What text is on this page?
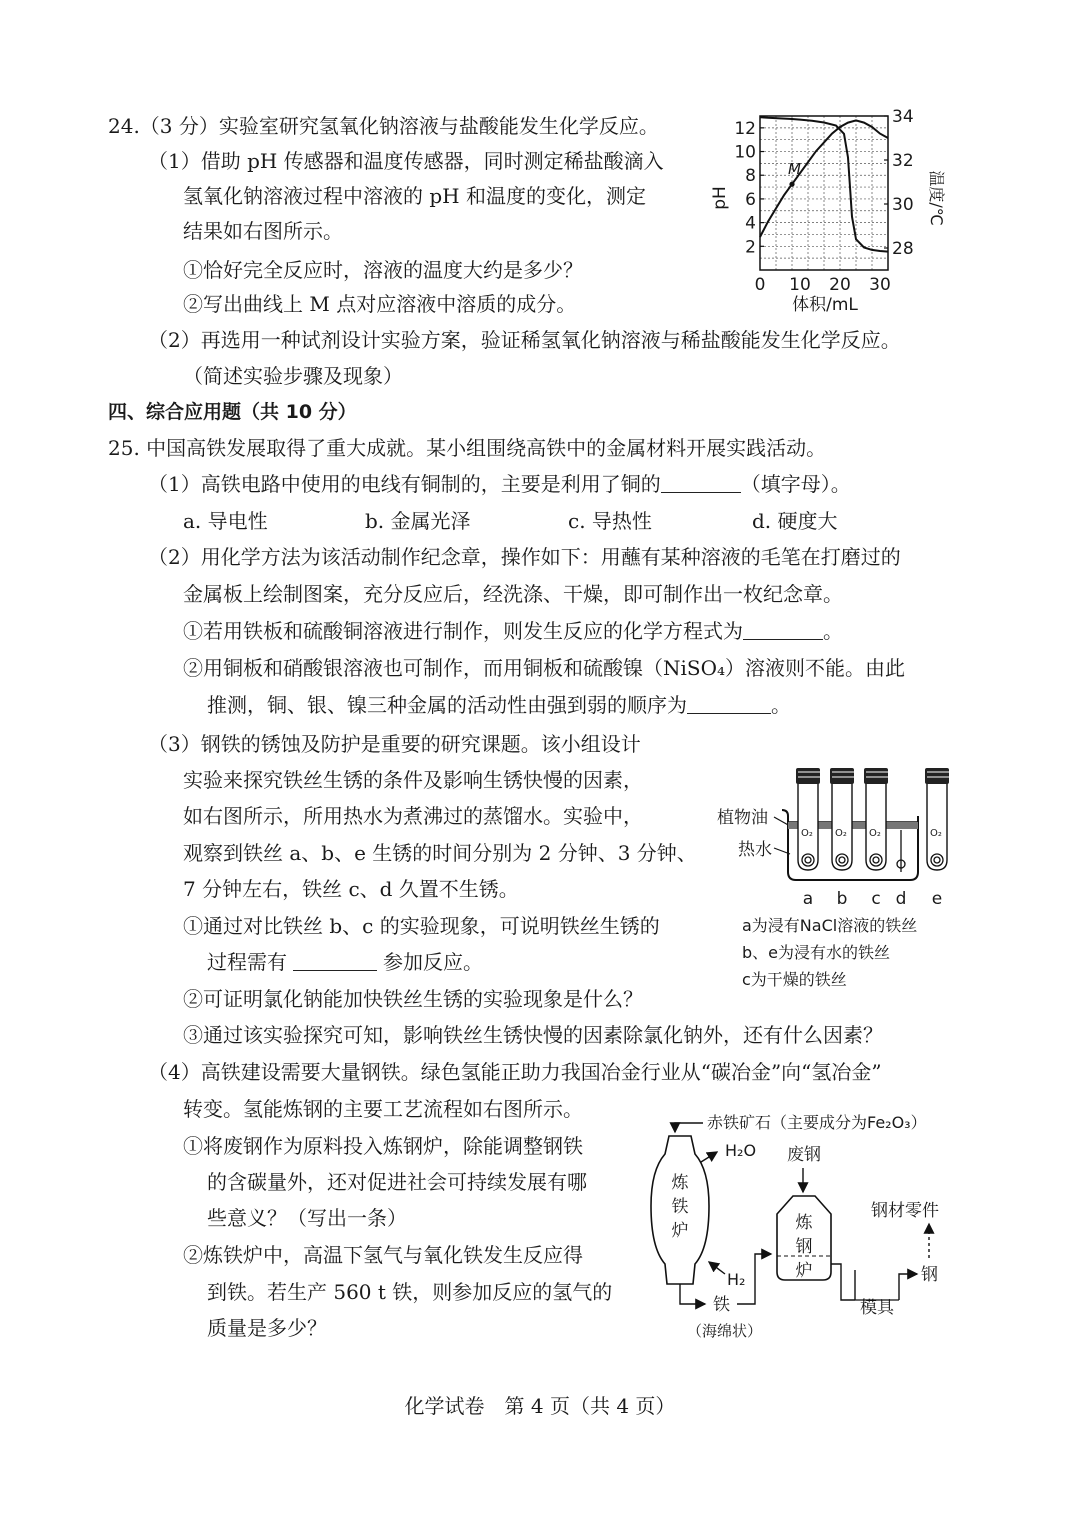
24.（3 分）实验室研究氢氧化钠溶液与盐酸能发生化学反应。
（1）借助 pH 传感器和温度传感器，同时测定稀盐酸滴入
氢氧化钠溶液过程中溶液的 pH 和温度的变化，测定
结果如右图所示。
①恰好完全反应时，溶液的温度大约是多少？
②写出曲线上 M 点对应溶液中溶质的成分。
（2）再选用一种试剂设计实验方案，验证稀氢氧化钠溶液与稀盐酸能发生化学反应。
（简述实验步骤及现象）
0 10 20 30
2
4
6
8
10
12
28
30
32
34
M
pH	温度/℃
体积/mL
四、综合应用题（共 10 分）
25. 中国高铁发展取得了重大成就。某小组围绕高铁中的金属材料开展实践活动。
（1）高铁电路中使用的电线有铜制的，主要是利用了铜的	（填字母）。
a. 导电性	b. 金属光泽	c. 导热性	d. 硬度大
（2）用化学方法为该活动制作纪念章，操作如下：用蘸有某种溶液的毛笔在打磨过的
金属板上绘制图案，充分反应后，经洗涤、干燥，即可制作出一枚纪念章。
①若用铁板和硫酸铜溶液进行制作，则发生反应的化学方程式为	。
②用铜板和硝酸银溶液也可制作，而用铜板和硫酸镍（NiSO₄）溶液则不能。由此
推测，铜、银、镍三种金属的活动性由强到弱的顺序为	。
（3）钢铁的锈蚀及防护是重要的研究课题。该小组设计
实验来探究铁丝生锈的条件及影响生锈快慢的因素，
如右图所示，所用热水为煮沸过的蒸馏水。实验中，
观察到铁丝 a、b、e 生锈的时间分别为 2 分钟、3 分钟、
7 分钟左右，铁丝 c、d 久置不生锈。
①通过对比铁丝 b、c 的实验现象，可说明铁丝生锈的
过程需有	参加反应。
②可证明氯化钠能加快铁丝生锈的实验现象是什么？
③通过该实验探究可知，影响铁丝生锈快慢的因素除氯化钠外，还有什么因素？
植物油
热水
O₂ O₂ O₂	O₂
a b c d e
a为浸有NaCl溶液的铁丝
b、e为浸有水的铁丝
c为干燥的铁丝
（4）高铁建设需要大量钢铁。绿色氢能正助力我国冶金行业从“碳冶金”向“氢冶金”
转变。氢能炼钢的主要工艺流程如右图所示。
①将废钢作为原料投入炼钢炉，除能调整钢铁
的含碳量外，还对促进社会可持续发展有哪
些意义？（写出一条）
②炼铁炉中，高温下氢气与氧化铁发生反应得
到铁。若生产 560 t 铁，则参加反应的氢气的
质量是多少？
赤铁矿石（主要成分为Fe₂O₃）
炼
铁
炉
H₂O
H₂
铁
（海绵状）
废钢
炼
钢
炉
模具
钢
钢材零件
化学试卷　第 4 页（共 4 页）
